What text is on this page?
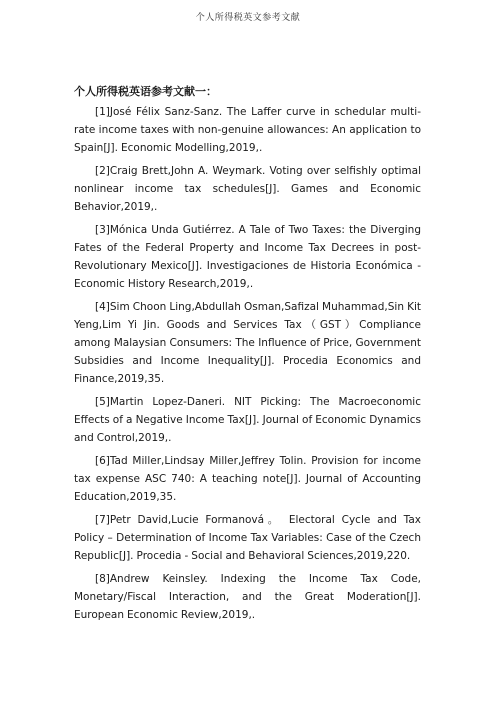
个人所得税英文参考文献
个人所得税英语参考文献一：

[1]José Félix Sanz-Sanz. The Laffer curve in schedular multi-rate income taxes with non-genuine allowances: An application to Spain[J]. Economic Modelling,2019,.

[2]Craig Brett,John A. Weymark. Voting over selfishly optimal nonlinear income tax schedules[J]. Games and Economic Behavior,2019,.

[3]Mónica Unda Gutiérrez. A Tale of Two Taxes: the Diverging Fates of the Federal Property and Income Tax Decrees in post-Revolutionary Mexico[J]. Investigaciones de Historia Económica - Economic History Research,2019,.

[4]Sim Choon Ling,Abdullah Osman,Safizal Muhammad,Sin Kit Yeng,Lim Yi Jin. Goods and Services Tax（GST）Compliance among Malaysian Consumers: The Influence of Price, Government Subsidies and Income Inequality[J]. Procedia Economics and Finance,2019,35.

[5]Martin Lopez-Daneri. NIT Picking: The Macroeconomic Effects of a Negative Income Tax[J]. Journal of Economic Dynamics and Control,2019,.

[6]Tad Miller,Lindsay Miller,Jeffrey Tolin. Provision for income tax expense ASC 740: A teaching note[J]. Journal of Accounting Education,2019,35.

[7]Petr David,Lucie Formanová。 Electoral Cycle and Tax Policy – Determination of Income Tax Variables: Case of the Czech Republic[J]. Procedia - Social and Behavioral Sciences,2019,220.

[8]Andrew Keinsley. Indexing the Income Tax Code, Monetary/Fiscal Interaction, and the Great Moderation[J]. European Economic Review,2019,.
